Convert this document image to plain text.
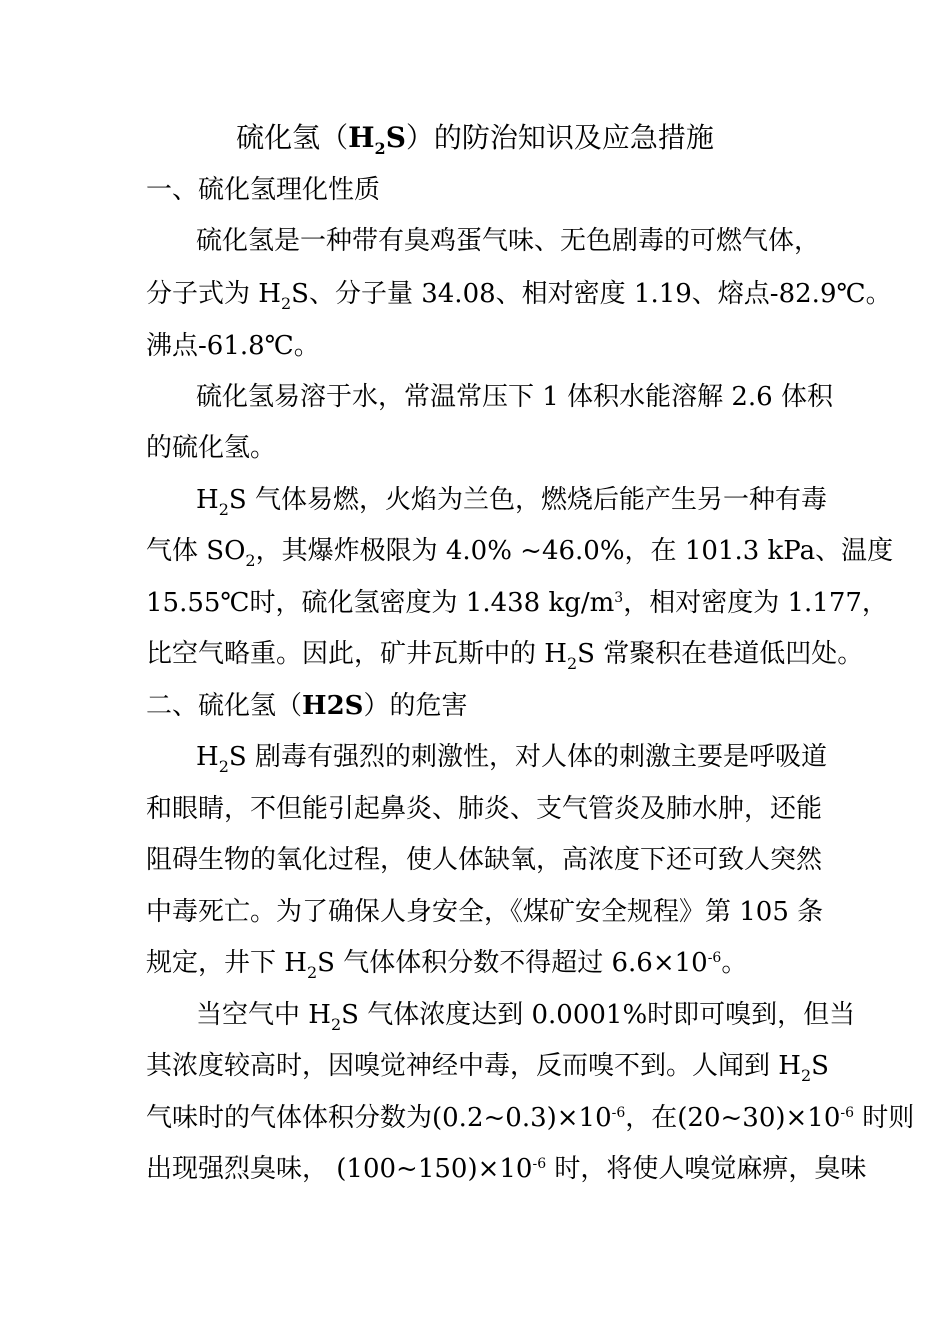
硫化氢$(H_2S)$的防治知识及应急措施
一、硫化氢理化性质
硫化氢是一种带有臭鸡蛋气味、无色剧毒的可燃气体，
分子式为 $H_2S$、分子量 34.08、相对密度 1.19、熔点-82.9℃。
沸点-61.8℃。
硫化氢易溶于水，常温常压下 1 体积水能溶解 2.6 体积
的硫化氢。
$H_2S$ 气体易燃，火焰为兰色，燃烧后能产生另一种有毒
气体 $SO_2$，其爆炸极限为 4.0% ~46.0%，在 101.3 kPa、温度
15.55℃时，硫化氢密度为 1.438 $kg/m^3$，相对密度为 1.177，
比空气略重。因此，矿井瓦斯中的 $H_2S$ 常聚积在巷道低凹处。
二、硫化氢（H2S）的危害
$H_2S$ 剧毒有强烈的刺激性，对人体的刺激主要是呼吸道
和眼睛，不但能引起鼻炎、肺炎、支气管炎及肺水肿，还能
阻碍生物的氧化过程，使人体缺氧，高浓度下还可致人突然
中毒死亡。为了确保人身安全，《煤矿安全规程》第 105 条
规定，井下 $H_2S$ 气体体积分数不得超过 $6.6\times 10^{-6}$。
当空气中 $H_2S$ 气体浓度达到 0.0001%时即可嗅到，但当
其浓度较高时，因嗅觉神经中毒，反而嗅不到。人闻到 $H_2S$
气味时的气体体积分数为$(0.2\sim 0.3)\times 10^{-6}$，在$(20\sim 30)\times 10^{-6}$ 时则
出现强烈臭味， $(100\sim 150)\times 10^{-6}$ 时，将使人嗅觉麻痹，臭味
